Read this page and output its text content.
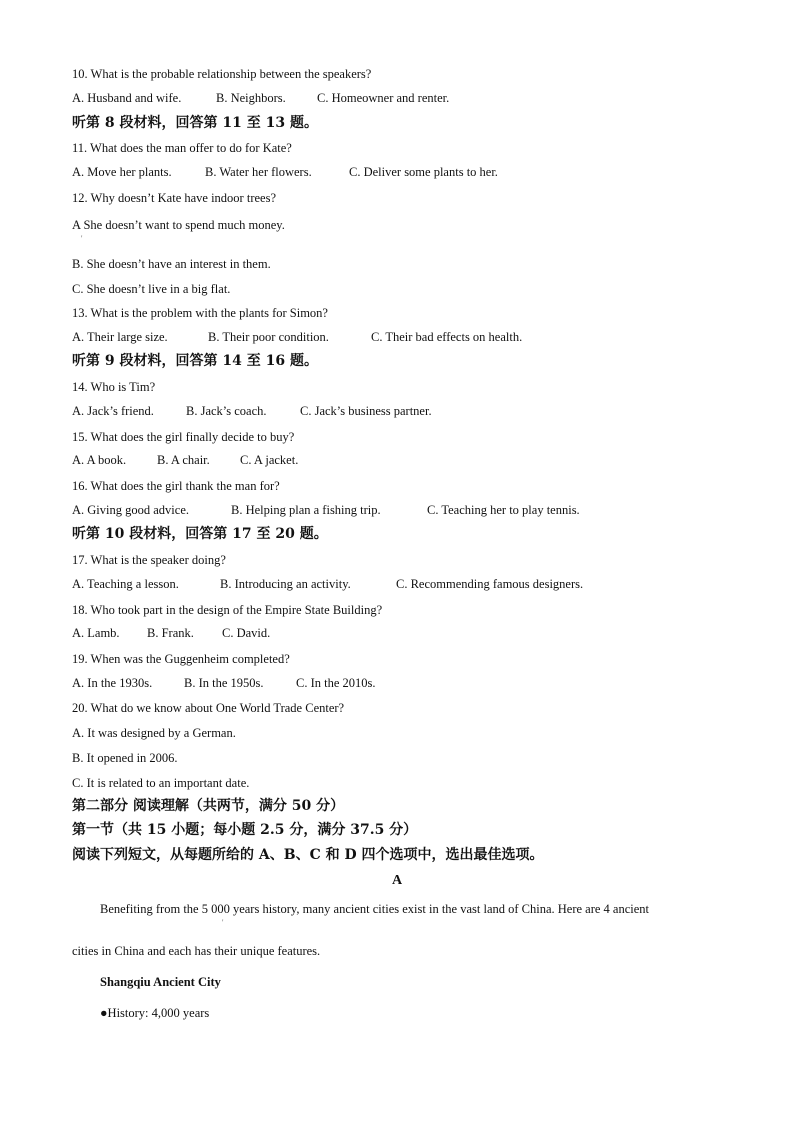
10. What is the probable relationship between the speakers?
A. Husband and wife.	B. Neighbors. C. Homeowner and renter.
听第 8 段材料，回答第 11 至 13 题。
11. What does the man offer to do for Kate?
A. Move her plants.	B. Water her flowers.	C. Deliver some plants to her.
12. Why doesn’t Kate have indoor trees?
A She doesn’t want to spend much money.
'
B. She doesn’t have an interest in them.
C. She doesn’t live in a big flat.
13. What is the problem with the plants for Simon?
A. Their large size.	B. Their poor condition.	C. Their bad effects on health.
听第 9 段材料，回答第 14 至 16 题。
14. Who is Tim?
A. Jack’s friend.	B. Jack’s coach.	C. Jack’s business partner.
15. What does the girl finally decide to buy?
A. A book. B. A chair. C. A jacket.
16. What does the girl thank the man for?
A. Giving good advice.	B. Helping plan a fishing trip.	C. Teaching her to play tennis.
听第 10 段材料，回答第 17 至 20 题。
17. What is the speaker doing?
A. Teaching a lesson.	B. Introducing an activity.	C. Recommending famous designers.
18. Who took part in the design of the Empire State Building?
A. Lamb. B. Frank. C. David.
19. When was the Guggenheim completed?
A. In the 1930s.	B. In the 1950s.	C. In the 2010s.
20. What do we know about One World Trade Center?
A. It was designed by a German.
B. It opened in 2006.
C. It is related to an important date.
第二部分 阅读理解（共两节，满分 50 分）
第一节（共 15 小题；每小题 2.5 分，满分 37.5 分）
阅读下列短文，从每题所给的 A、B、C 和 D 四个选项中，选出最佳选项。
A
Benefiting from the 5 000 years history, many ancient cities exist in the vast land of China. Here are 4 ancient
'
cities in China and each has their unique features.
Shangqiu Ancient City
●History: 4,000 years
